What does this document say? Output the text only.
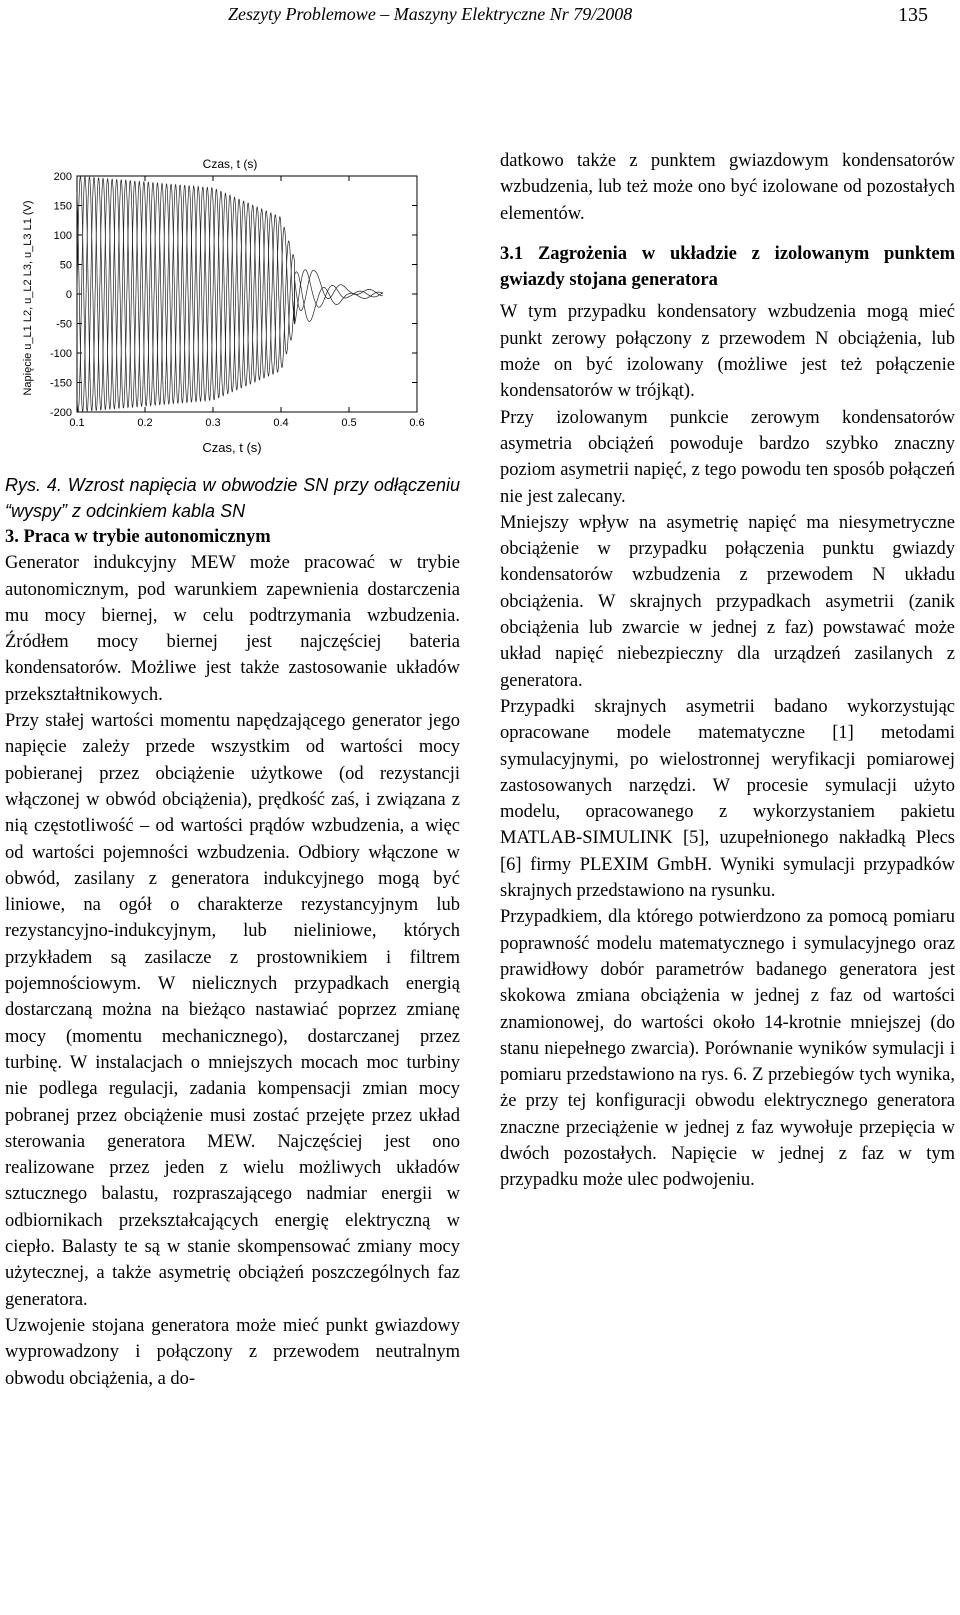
Zeszyty Problemowe – Maszyny Elektryczne Nr 79/2008	135
Czas, t (s)
200
150
100
50
0
-50
-100
-150
-200
0.1	0.2	0.3	0.4	0.5	0.6
Czas, t (s)
Napięcie u_L1 L2, u_L2 L3, u_L3 L1 (V)

Rys. 4. Wzrost napięcia w obwodzie SN przy odłączeniu “wyspy” z odcinkiem kabla SN

3. Praca w trybie autonomicznym

Generator indukcyjny MEW może pracować w trybie autonomicznym, pod warunkiem zapewnienia dostarczenia mu mocy biernej, w celu podtrzymania wzbudzenia. Źródłem mocy biernej jest najczęściej bateria kondensatorów. Możliwe jest także zastosowanie układów przekształtnikowych.

Przy stałej wartości momentu napędzającego generator jego napięcie zależy przede wszystkim od wartości mocy pobieranej przez obciążenie użytkowe (od rezystancji włączonej w obwód obciążenia), prędkość zaś, i związana z nią częstotliwość – od wartości prądów wzbudzenia, a więc od wartości pojemności wzbudzenia. Odbiory włączone w obwód, zasilany z generatora indukcyjnego mogą być liniowe, na ogół o charakterze rezystancyjnym lub rezystancyjno-indukcyjnym, lub nieliniowe, których przykładem są zasilacze z prostownikiem i filtrem pojemnościowym. W nielicznych przypadkach energią dostarczaną można na bieżąco nastawiać poprzez zmianę mocy (momentu mechanicznego), dostarczanej przez turbinę. W instalacjach o mniejszych mocach moc turbiny nie podlega regulacji, zadania kompensacji zmian mocy pobranej przez obciążenie musi zostać przejęte przez układ sterowania generatora MEW. Najczęściej jest ono realizowane przez jeden z wielu możliwych układów sztucznego balastu, rozpraszającego nadmiar energii w odbiornikach przekształcających energię elektryczną w ciepło. Balasty te są w stanie skompensować zmiany mocy użytecznej, a także asymetrię obciążeń poszczególnych faz generatora.

Uzwojenie stojana generatora może mieć punkt gwiazdowy wyprowadzony i połączony z przewodem neutralnym obwodu obciążenia, a do-

datkowo także z punktem gwiazdowym kondensatorów wzbudzenia, lub też może ono być izolowane od pozostałych elementów.

3.1 Zagrożenia w układzie z izolowanym punktem gwiazdy stojana generatora

W tym przypadku kondensatory wzbudzenia mogą mieć punkt zerowy połączony z przewodem N obciążenia, lub może on być izolowany (możliwe jest też połączenie kondensatorów w trójkąt).

Przy izolowanym punkcie zerowym kondensatorów asymetria obciążeń powoduje bardzo szybko znaczny poziom asymetrii napięć, z tego powodu ten sposób połączeń nie jest zalecany.

Mniejszy wpływ na asymetrię napięć ma niesymetryczne obciążenie w przypadku połączenia punktu gwiazdy kondensatorów wzbudzenia z przewodem N układu obciążenia. W skrajnych przypadkach asymetrii (zanik obciążenia lub zwarcie w jednej z faz) powstawać może układ napięć niebezpieczny dla urządzeń zasilanych z generatora.

Przypadki skrajnych asymetrii badano wykorzystując opracowane modele matematyczne [1] metodami symulacyjnymi, po wielostronnej weryfikacji pomiarowej zastosowanych narzędzi. W procesie symulacji użyto modelu, opracowanego z wykorzystaniem pakietu MATLAB-SIMULINK [5], uzupełnionego nakładką Plecs [6] firmy PLEXIM GmbH. Wyniki symulacji przypadków skrajnych przedstawiono na rysunku.

Przypadkiem, dla którego potwierdzono za pomocą pomiaru poprawność modelu matematycznego i symulacyjnego oraz prawidłowy dobór parametrów badanego generatora jest skokowa zmiana obciążenia w jednej z faz od wartości znamionowej, do wartości około 14-krotnie mniejszej (do stanu niepełnego zwarcia). Porównanie wyników symulacji i pomiaru przedstawiono na rys. 6. Z przebiegów tych wynika, że przy tej konfiguracji obwodu elektrycznego generatora znaczne przeciążenie w jednej z faz wywołuje przepięcia w dwóch pozostałych. Napięcie w jednej z faz w tym przypadku może ulec podwojeniu.
